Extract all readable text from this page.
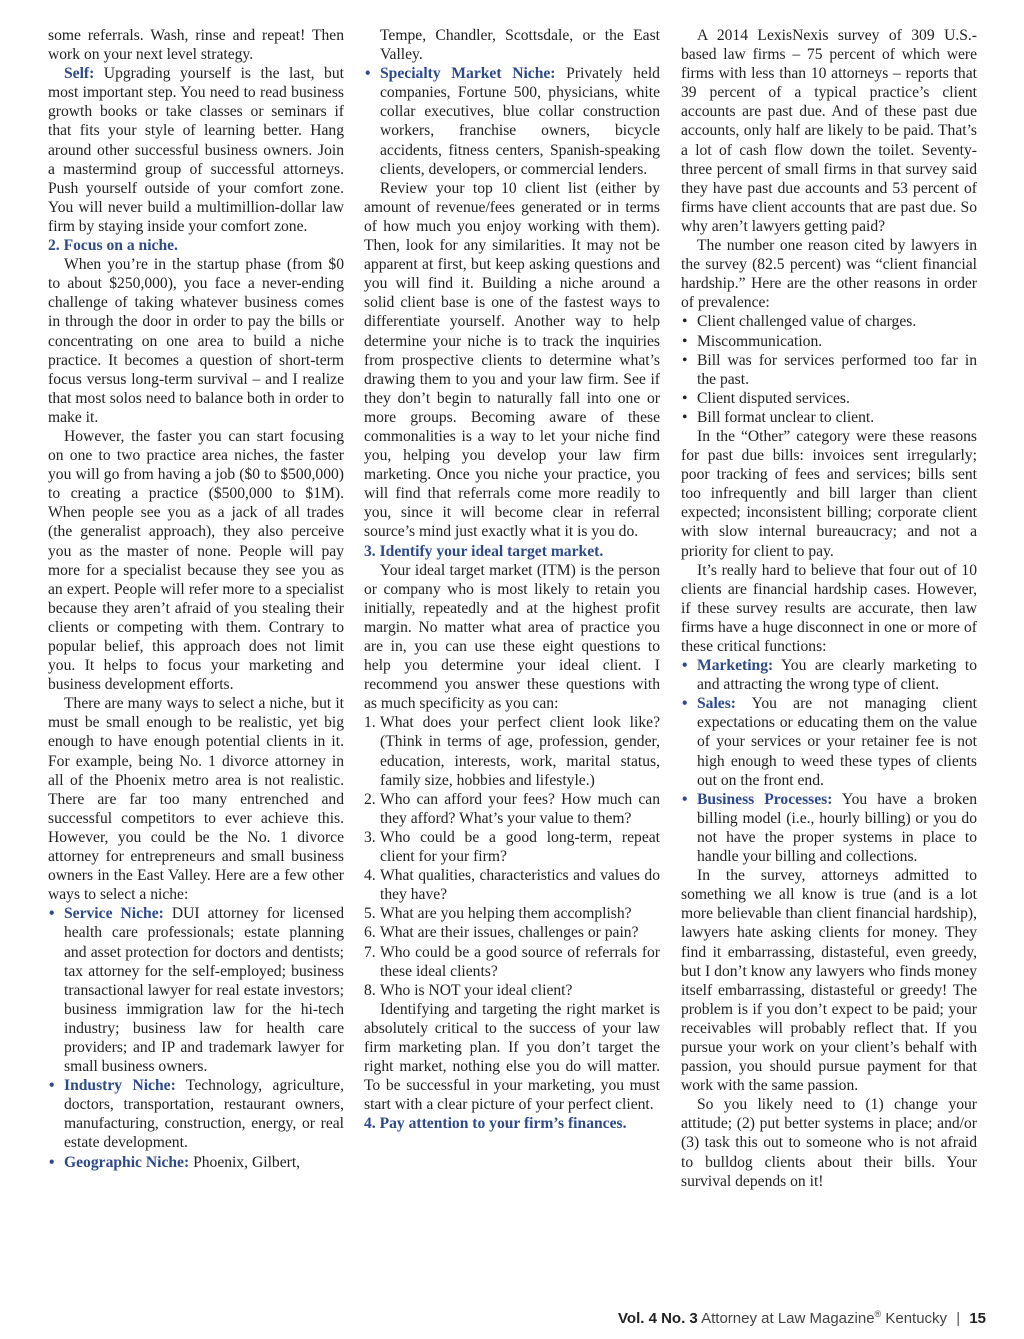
some referrals. Wash, rinse and repeat! Then work on your next level strategy.

Self: Upgrading yourself is the last, but most important step. You need to read business growth books or take classes or seminars if that fits your style of learning better. Hang around other successful business owners. Join a mastermind group of successful attorneys. Push yourself outside of your comfort zone. You will never build a multimillion-dollar law firm by staying inside your comfort zone.

2. Focus on a niche.

When you’re in the startup phase (from $0 to about $250,000), you face a never-ending challenge of taking whatever business comes in through the door in order to pay the bills or concentrating on one area to build a niche practice. It becomes a question of short-term focus versus long-term survival – and I realize that most solos need to balance both in order to make it.

However, the faster you can start focusing on one to two practice area niches, the faster you will go from having a job ($0 to $500,000) to creating a practice ($500,000 to $1M). When people see you as a jack of all trades (the generalist approach), they also perceive you as the master of none. People will pay more for a specialist because they see you as an expert. People will refer more to a specialist because they aren’t afraid of you stealing their clients or competing with them. Contrary to popular belief, this approach does not limit you. It helps to focus your marketing and business development efforts.

There are many ways to select a niche, but it must be small enough to be realistic, yet big enough to have enough potential clients in it. For example, being No. 1 divorce attorney in all of the Phoenix metro area is not realistic. There are far too many entrenched and successful competitors to ever achieve this. However, you could be the No. 1 divorce attorney for entrepreneurs and small business owners in the East Valley. Here are a few other ways to select a niche:

• Service Niche: DUI attorney for licensed health care professionals; estate planning and asset protection for doctors and dentists; tax attorney for the self-employed; business transactional lawyer for real estate investors; business immigration law for the hi-tech industry; business law for health care providers; and IP and trademark lawyer for small business owners.
• Industry Niche: Technology, agriculture, doctors, transportation, restaurant owners, manufacturing, construction, energy, or real estate development.
• Geographic Niche: Phoenix, Gilbert,
Tempe, Chandler, Scottsdale, or the East Valley.
• Specialty Market Niche: Privately held companies, Fortune 500, physicians, white collar executives, blue collar construction workers, franchise owners, bicycle accidents, fitness centers, Spanish-speaking clients, developers, or commercial lenders.

Review your top 10 client list (either by amount of revenue/fees generated or in terms of how much you enjoy working with them). Then, look for any similarities. It may not be apparent at first, but keep asking questions and you will find it. Building a niche around a solid client base is one of the fastest ways to differentiate yourself. Another way to help determine your niche is to track the inquiries from prospective clients to determine what’s drawing them to you and your law firm. See if they don’t begin to naturally fall into one or more groups. Becoming aware of these commonalities is a way to let your niche find you, helping you develop your law firm marketing. Once you niche your practice, you will find that referrals come more readily to you, since it will become clear in referral source’s mind just exactly what it is you do.

3. Identify your ideal target market.

Your ideal target market (ITM) is the person or company who is most likely to retain you initially, repeatedly and at the highest profit margin. No matter what area of practice you are in, you can use these eight questions to help you determine your ideal client. I recommend you answer these questions with as much specificity as you can:

1. What does your perfect client look like? (Think in terms of age, profession, gender, education, interests, work, marital status, family size, hobbies and lifestyle.)
2. Who can afford your fees? How much can they afford? What’s your value to them?
3. Who could be a good long-term, repeat client for your firm?
4. What qualities, characteristics and values do they have?
5. What are you helping them accomplish?
6. What are their issues, challenges or pain?
7. Who could be a good source of referrals for these ideal clients?
8. Who is NOT your ideal client?

Identifying and targeting the right market is absolutely critical to the success of your law firm marketing plan. If you don’t target the right market, nothing else you do will matter. To be successful in your marketing, you must start with a clear picture of your perfect client.

4. Pay attention to your firm’s finances.

A 2014 LexisNexis survey of 309 U.S.-based law firms – 75 percent of which were firms with less than 10 attorneys – reports that 39 percent of a typical practice’s client accounts are past due. And of these past due accounts, only half are likely to be paid. That’s a lot of cash flow down the toilet. Seventy-three percent of small firms in that survey said they have past due accounts and 53 percent of firms have client accounts that are past due. So why aren’t lawyers getting paid?

The number one reason cited by lawyers in the survey (82.5 percent) was “client financial hardship.” Here are the other reasons in order of prevalence:

• Client challenged value of charges.
• Miscommunication.
• Bill was for services performed too far in the past.
• Client disputed services.
• Bill format unclear to client.

In the “Other” category were these reasons for past due bills: invoices sent irregularly; poor tracking of fees and services; bills sent too infrequently and bill larger than client expected; inconsistent billing; corporate client with slow internal bureaucracy; and not a priority for client to pay.

It’s really hard to believe that four out of 10 clients are financial hardship cases. However, if these survey results are accurate, then law firms have a huge disconnect in one or more of these critical functions:

• Marketing: You are clearly marketing to and attracting the wrong type of client.
• Sales: You are not managing client expectations or educating them on the value of your services or your retainer fee is not high enough to weed these types of clients out on the front end.
• Business Processes: You have a broken billing model (i.e., hourly billing) or you do not have the proper systems in place to handle your billing and collections.

In the survey, attorneys admitted to something we all know is true (and is a lot more believable than client financial hardship), lawyers hate asking clients for money. They find it embarrassing, distasteful, even greedy, but I don’t know any lawyers who finds money itself embarrassing, distasteful or greedy! The problem is if you don’t expect to be paid; your receivables will probably reflect that. If you pursue your work on your client’s behalf with passion, you should pursue payment for that work with the same passion.

So you likely need to (1) change your attitude; (2) put better systems in place; and/or (3) task this out to someone who is not afraid to bulldog clients about their bills. Your survival depends on it!

Vol. 4 No. 3 Attorney at Law Magazine® Kentucky | 15
